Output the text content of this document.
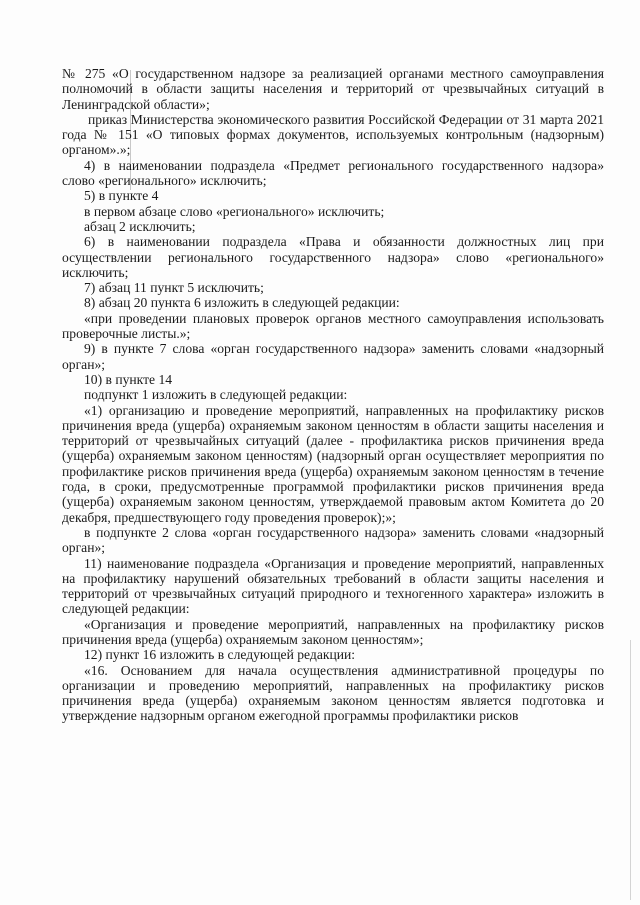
№ 275 «О государственном надзоре за реализацией органами местного самоуправления полномочий в области защиты населения и территорий от чрезвычайных ситуаций в Ленинградской области»;

приказ Министерства экономического развития Российской Федерации от 31 марта 2021 года № 151 «О типовых формах документов, используемых контрольным (надзорным) органом».»;

4) в наименовании подраздела «Предмет регионального государственного надзора» слово «регионального» исключить;

5) в пункте 4

в первом абзаце слово «регионального» исключить;

абзац 2 исключить;

6) в наименовании подраздела «Права и обязанности должностных лиц при осуществлении регионального государственного надзора» слово «регионального» исключить;

7) абзац 11 пункт 5 исключить;

8) абзац 20 пункта 6 изложить в следующей редакции:

«при проведении плановых проверок органов местного самоуправления использовать проверочные листы.»;

9) в пункте 7 слова «орган государственного надзора» заменить словами «надзорный орган»;

10) в пункте 14

подпункт 1 изложить в следующей редакции:

«1) организацию и проведение мероприятий, направленных на профилактику рисков причинения вреда (ущерба) охраняемым законом ценностям в области защиты населения и территорий от чрезвычайных ситуаций (далее - профилактика рисков причинения вреда (ущерба) охраняемым законом ценностям) (надзорный орган осуществляет мероприятия по профилактике рисков причинения вреда (ущерба) охраняемым законом ценностям в течение года, в сроки, предусмотренные программой профилактики рисков причинения вреда (ущерба) охраняемым законом ценностям, утверждаемой правовым актом Комитета до 20 декабря, предшествующего году проведения проверок);»;

в подпункте 2 слова «орган государственного надзора» заменить словами «надзорный орган»;

11) наименование подраздела «Организация и проведение мероприятий, направленных на профилактику нарушений обязательных требований в области защиты населения и территорий от чрезвычайных ситуаций природного и техногенного характера» изложить в следующей редакции:

«Организация и проведение мероприятий, направленных на профилактику рисков причинения вреда (ущерба) охраняемым законом ценностям»;

12) пункт 16 изложить в следующей редакции:

«16. Основанием для начала осуществления административной процедуры по организации и проведению мероприятий, направленных на профилактику рисков причинения вреда (ущерба) охраняемым законом ценностям является подготовка и утверждение надзорным органом ежегодной программы профилактики рисков
